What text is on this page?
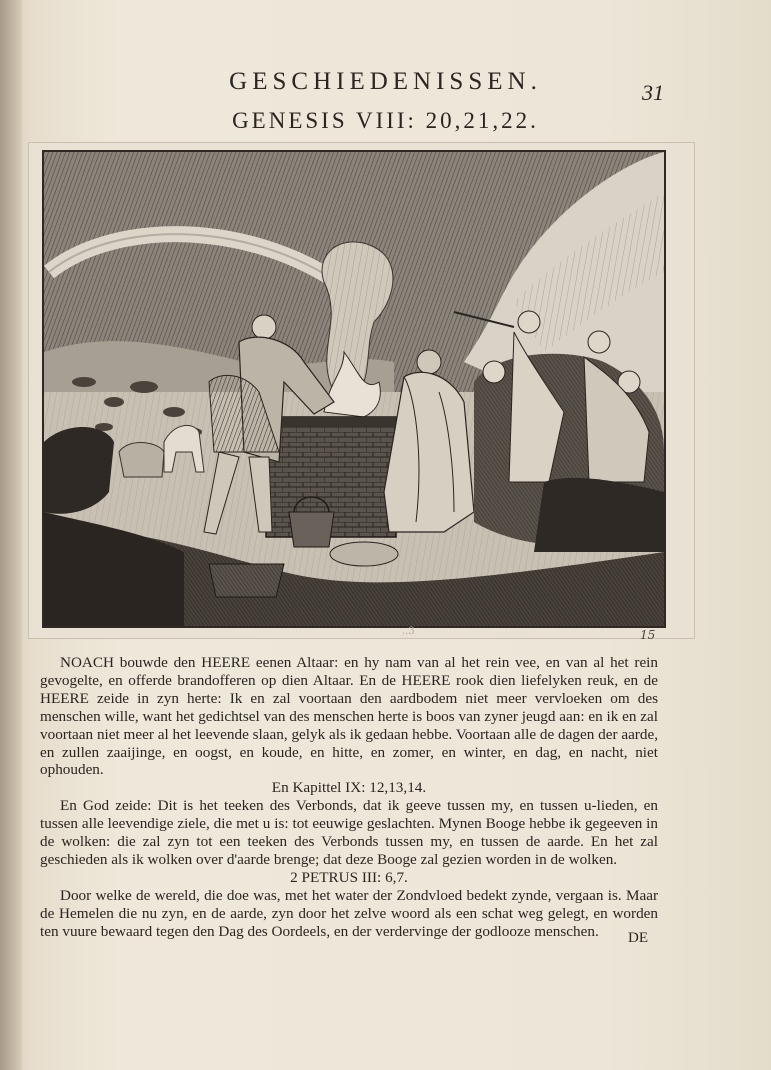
GESCHIEDENISSEN.	31
GENESIS VIII: 20,21,22.
..3	15

NOACH bouwde den HEERE eenen Altaar: en hy nam van al het rein vee, en van al het rein gevogelte, en offerde brandofferen op dien Altaar. En de HEERE rook dien liefelyken reuk, en de HEERE zeide in zyn herte: Ik en zal voortaan den aardbodem niet meer vervloeken om des menschen wille, want het gedichtsel van des menschen herte is boos van zyner jeugd aan: en ik en zal voortaan niet meer al het leevende slaan, gelyk als ik gedaan hebbe. Voortaan alle de dagen der aarde, en zullen zaaijinge, en oogst, en koude, en hitte, en zomer, en winter, en dag, en nacht, niet ophouden.

En Kapittel IX: 12,13,14.

En God zeide: Dit is het teeken des Verbonds, dat ik geeve tussen my, en tussen u-lieden, en tussen alle leevendige ziele, die met u is: tot eeuwige geslachten. Mynen Booge hebbe ik gegeeven in de wolken: die zal zyn tot een teeken des Verbonds tussen my, en tussen de aarde. En het zal geschieden als ik wolken over d'aarde brenge; dat deze Booge zal gezien worden in de wolken.

2 PETRUS III: 6,7.

Door welke de wereld, die doe was, met het water der Zondvloed bedekt zynde, vergaan is. Maar de Hemelen die nu zyn, en de aarde, zyn door het zelve woord als een schat weg gelegt, en worden ten vuure bewaard tegen den Dag des Oordeels, en der verdervinge der godlooze menschen.	DE
